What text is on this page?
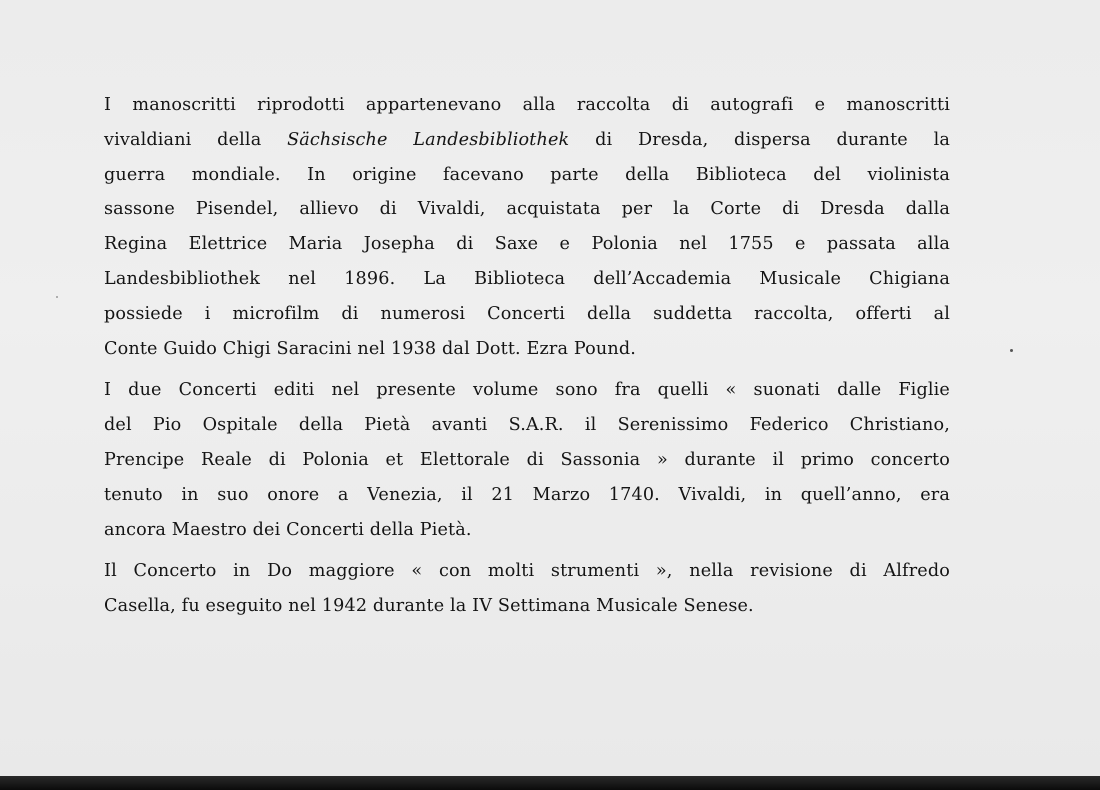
I manoscritti riprodotti appartenevano alla raccolta di autografi e manoscritti
vivaldiani della Sächsische Landesbibliothek di Dresda, dispersa durante la
guerra mondiale. In origine facevano parte della Biblioteca del violinista
sassone Pisendel, allievo di Vivaldi, acquistata per la Corte di Dresda dalla
Regina Elettrice Maria Josepha di Saxe e Polonia nel 1755 e passata alla
Landesbibliothek nel 1896. La Biblioteca dell’Accademia Musicale Chigiana
possiede i microfilm di numerosi Concerti della suddetta raccolta, offerti al
Conte Guido Chigi Saracini nel 1938 dal Dott. Ezra Pound.

I due Concerti editi nel presente volume sono fra quelli « suonati dalle Figlie
del Pio Ospitale della Pietà avanti S.A.R. il Serenissimo Federico Christiano,
Prencipe Reale di Polonia et Elettorale di Sassonia » durante il primo concerto
tenuto in suo onore a Venezia, il 21 Marzo 1740. Vivaldi, in quell’anno, era
ancora Maestro dei Concerti della Pietà.

Il Concerto in Do maggiore « con molti strumenti », nella revisione di Alfredo
Casella, fu eseguito nel 1942 durante la IV Settimana Musicale Senese.
